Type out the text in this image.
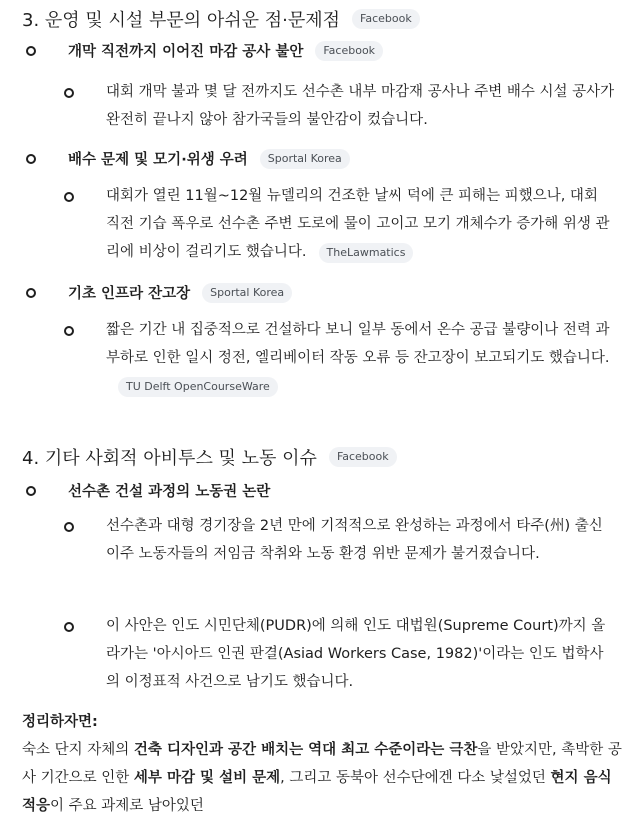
3. 운영 및 시설 부문의 아쉬운 점·문제점	Facebook
개막 직전까지 이어진 마감 공사 불안	Facebook
대회 개막 불과 몇 달 전까지도 선수촌 내부 마감재 공사나 주변 배수 시설 공사가 완전히 끝나지 않아 참가국들의 불안감이 컸습니다.
배수 문제 및 모기·위생 우려	Sportal Korea
대회가 열린 11월~12월 뉴델리의 건조한 날씨 덕에 큰 피해는 피했으나, 대회 직전 기습 폭우로 선수촌 주변 도로에 물이 고이고 모기 개체수가 증가해 위생 관리에 비상이 걸리기도 했습니다. TheLawmatics
기초 인프라 잔고장	Sportal Korea
짧은 기간 내 집중적으로 건설하다 보니 일부 동에서 온수 공급 불량이나 전력 과부하로 인한 일시 정전, 엘리베이터 작동 오류 등 잔고장이 보고되기도 했습니다.TU Delft OpenCourseWare
4. 기타 사회적 아비투스 및 노동 이슈	Facebook
선수촌 건설 과정의 노동권 논란
선수촌과 대형 경기장을 2년 만에 기적적으로 완성하는 과정에서 타주(州) 출신 이주 노동자들의 저임금 착취와 노동 환경 위반 문제가 불거졌습니다.
이 사안은 인도 시민단체(PUDR)에 의해 인도 대법원(Supreme Court)까지 올라가는 '아시아드 인권 판결(Asiad Workers Case, 1982)'이라는 인도 법학사의 이정표적 사건으로 남기도 했습니다.
정리하자면:
숙소 단지 자체의 건축 디자인과 공간 배치는 역대 최고 수준이라는 극찬을 받았지만, 촉박한 공사 기간으로 인한 세부 마감 및 설비 문제, 그리고 동북아 선수단에겐 다소 낯설었던 현지 음식 적응이 주요 과제로 남아있던
